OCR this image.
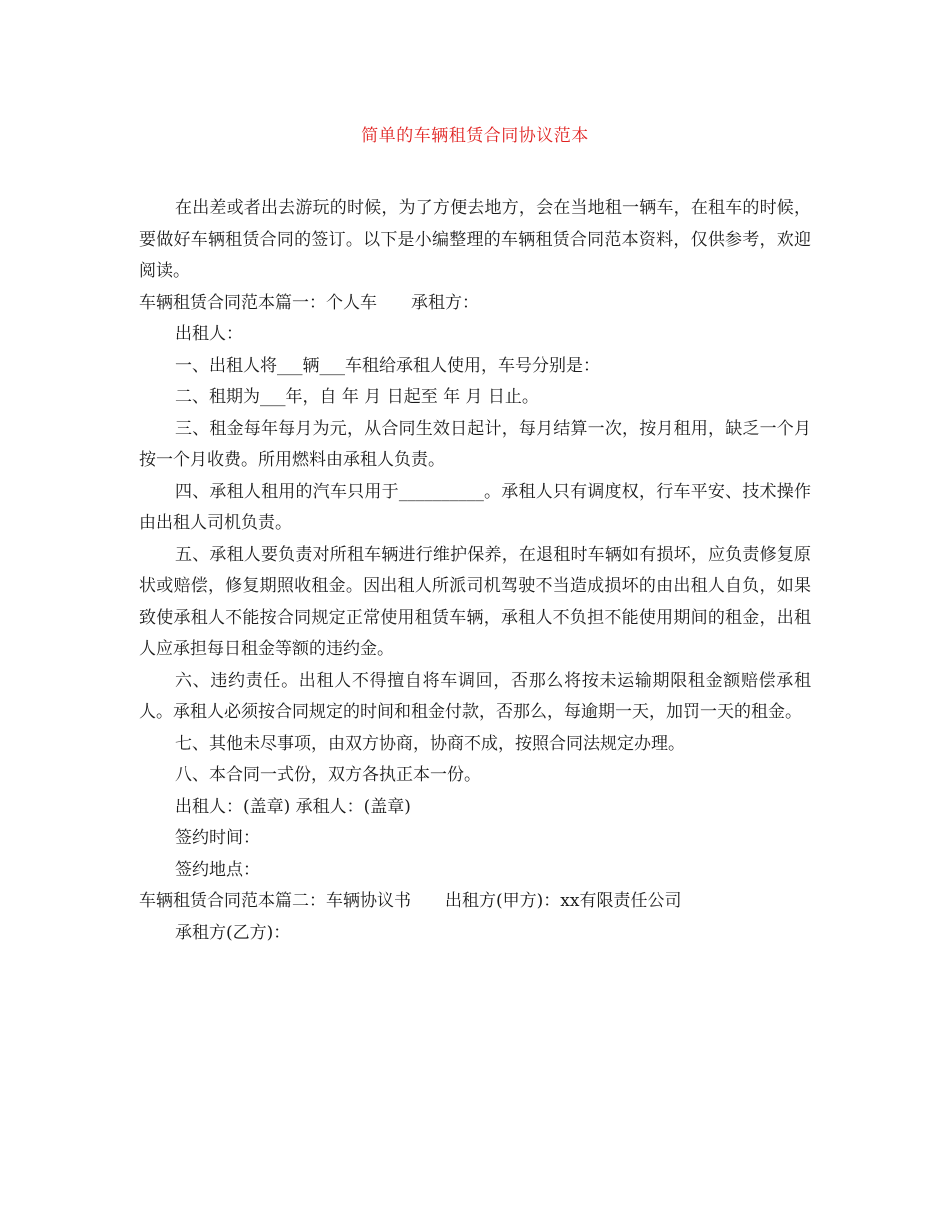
简单的车辆租赁合同协议范本

在出差或者出去游玩的时候，为了方便去地方，会在当地租一辆车，在租车的时候，要做好车辆租赁合同的签订。以下是小编整理的车辆租赁合同范本资料，仅供参考，欢迎阅读。

车辆租赁合同范本篇一：个人车　　承租方：

出租人：

一、出租人将___辆___车租给承租人使用，车号分别是：

二、租期为___年，自 年 月 日起至 年 月 日止。

三、租金每年每月为元，从合同生效日起计，每月结算一次，按月租用，缺乏一个月按一个月收费。所用燃料由承租人负责。

四、承租人租用的汽车只用于__________。承租人只有调度权，行车平安、技术操作由出租人司机负责。

五、承租人要负责对所租车辆进行维护保养，在退租时车辆如有损坏，应负责修复原状或赔偿，修复期照收租金。因出租人所派司机驾驶不当造成损坏的由出租人自负，如果致使承租人不能按合同规定正常使用租赁车辆，承租人不负担不能使用期间的租金，出租人应承担每日租金等额的违约金。

六、违约责任。出租人不得擅自将车调回，否那么将按未运输期限租金额赔偿承租人。承租人必须按合同规定的时间和租金付款，否那么，每逾期一天，加罚一天的租金。

七、其他未尽事项，由双方协商，协商不成，按照合同法规定办理。

八、本合同一式份，双方各执正本一份。

出租人：(盖章) 承租人：(盖章)

签约时间：

签约地点：

车辆租赁合同范本篇二：车辆协议书　　出租方(甲方)：xx有限责任公司

承租方(乙方)：
